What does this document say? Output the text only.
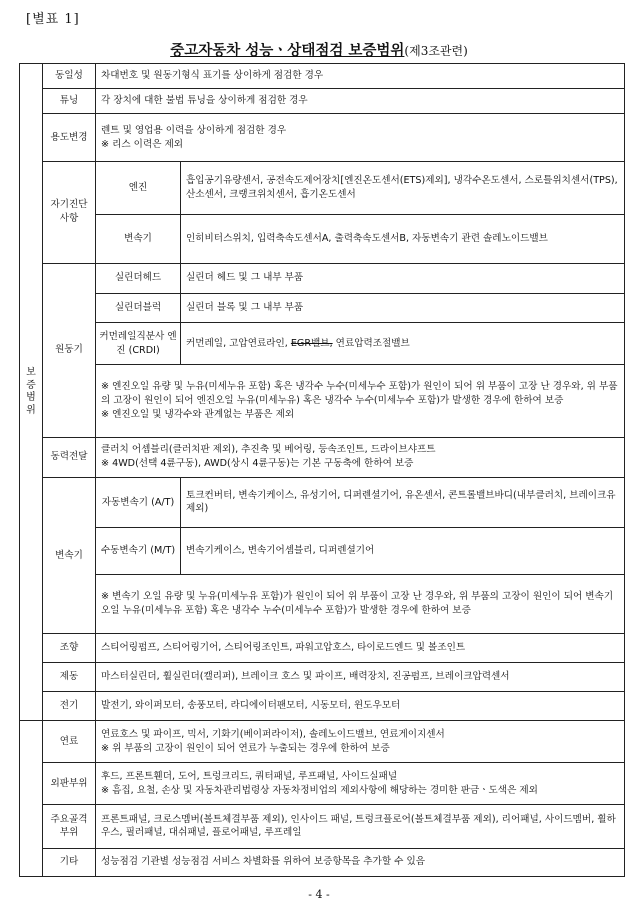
[별표 1]
중고자동차 성능ㆍ상태점검 보증범위(제3조관련)
보증범위	동일성	차대번호 및 원동기형식 표기를 상이하게 점검한 경우	
	튜닝	각 장치에 대한 불법 튜닝을 상이하게 점검한 경우	
	용도변경	렌트 및 영업용 이력을 상이하게 점검한 경우
※ 리스 이력은 제외	

	자기진단 사항	엔진	흡입공기유량센서, 공전속도제어장치[엔진온도센서(ETS)제외], 냉각수온도센서, 스로틀위치센서(TPS), 산소센서, 크랭크위치센서, 흡기온도센서
		변속기	인히비터스위치, 입력축속도센서A, 출력축속도센서B, 자동변속기 관련 솔레노이드밸브
	원동기	실린더헤드	실린더 헤드 및 그 내부 부품
		실린더블럭	실린더 블록 및 그 내부 부품
		커먼레일직분사 엔진 (CRDI)	커먼레일, 고압연료라인, EGR밸브, 연료압력조절밸브

		※ 엔진오일 유량 및 누유(미세누유 포함) 혹은 냉각수 누수(미세누수 포함)가 원인이 되어 위 부품이 고장 난 경우와, 위 부품의 고장이 원인이 되어 엔진오일 누유(미세누유) 혹은 냉각수 누수(미세누수 포함)가 발생한 경우에 한하여 보증
※ 엔진오일 및 냉각수와 관계없는 부품은 제외	

	동력전달	클러치 어셈블리(클러치판 제외), 추진축 및 베어링, 등속조인트, 드라이브샤프트
※ 4WD(선택 4륜구동), AWD(상시 4륜구동)는 기본 구동축에 한하여 보증	

	변속기	자동변속기 (A/T)	토크컨버터, 변속기케이스, 유성기어, 디퍼렌셜기어, 유온센서, 콘트롤밸브바디(내부클러치, 브레이크유 제외)
		수동변속기 (M/T)	변속기케이스, 변속기어셈블리, 디퍼렌셜기어
		※ 변속기 오일 유량 및 누유(미세누유 포함)가 원인이 되어 위 부품이 고장 난 경우와, 위 부품의 고장이 원인이 되어 변속기 오일 누유(미세누유 포함) 혹은 냉각수 누수(미세누수 포함)가 발생한 경우에 한하여 보증	
	조향	스티어링펌프, 스티어링기어, 스티어링조인트, 파워고압호스, 타이로드엔드 및 볼조인트	
	제동	마스터실린더, 휠실린더(캘리퍼), 브레이크 호스 및 파이프, 배력장치, 진공펌프, 브레이크압력센서	
	전기	발전기, 와이퍼모터, 송풍모터, 라디에이터팬모터, 시동모터, 윈도우모터	
	연료	연료호스 및 파이프, 믹서, 기화기(베이퍼라이저), 솔레노이드밸브, 연료게이지센서
※ 위 부품의 고장이 원인이 되어 연료가 누출되는 경우에 한하여 보증	

	외판부위	후드, 프론트휀더, 도어, 트렁크리드, 쿼터패널, 루프패널, 사이드실패널
※ 흠집, 요철, 손상 및 자동차관리법령상 자동차정비업의 제외사항에 해당하는 경미한 판금ㆍ도색은 제외	

	주요골격 부위	프론트패널, 크로스멤버(볼트체결부품 제외), 인사이드 패널, 트렁크플로어(볼트체결부품 제외), 리어패널, 사이드멤버, 휠하우스, 필러패널, 대쉬패널, 플로어패널, 루프레일	
	기타	성능점검 기관별 성능점검 서비스 차별화를 위하여 보증항목을 추가할 수 있음	
- 4 -
